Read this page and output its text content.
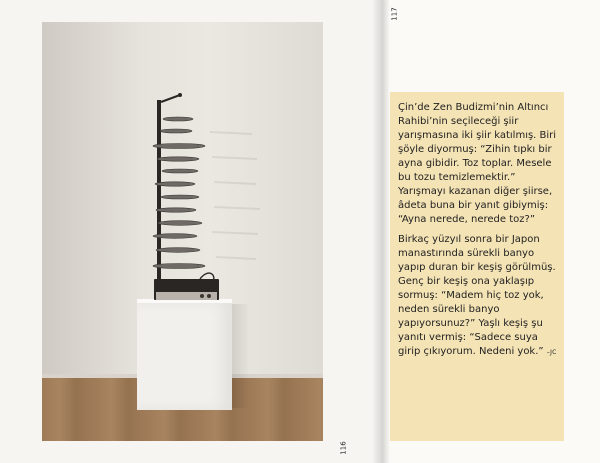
116
117

Çin’de Zen Budizmi’nin Altıncı Rahibi’nin seçileceği şiir yarışmasına iki şiir katılmış. Biri şöyle diyormuş: “Zihin tıpkı bir ayna gibidir. Toz toplar. Mesele bu tozu temizlemektir.” Yarışmayı kazanan diğer şiirse, âdeta buna bir yanıt gibiymiş: “Ayna nerede, nerede toz?”

Birkaç yüzyıl sonra bir Japon manastırında sürekli banyo yapıp duran bir keşiş görülmüş. Genç bir keşiş ona yaklaşıp sormuş: “Madem hiç toz yok, neden sürekli banyo yapıyorsunuz?” Yaşlı keşiş şu yanıtı vermiş: “Sadece suya girip çıkıyorum. Nedeni yok.” –JC
